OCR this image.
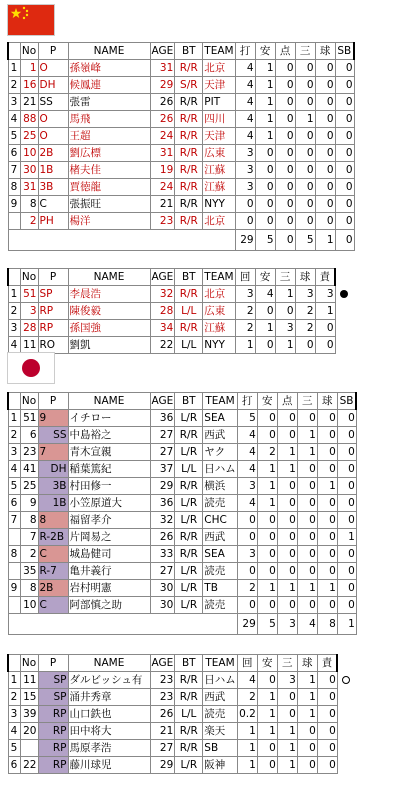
	No	P	NAME	AGE	BT	TEAM	打	安	点	三	球	SB
1	1	O	孫嶺峰	31	R/R	北京	4	1	0	0	0	0
2	16	DH	候鳳連	29	S/R	天津	4	1	0	0	0	0
3	21	SS	張雷	26	R/R	PIT	4	1	0	0	0	0
4	88	O	馬飛	26	R/R	四川	4	1	0	1	0	0
5	25	O	王超	24	R/R	天津	4	1	0	0	0	0
6	10	2B	劉広標	31	R/R	広東	3	0	0	0	0	0
7	30	1B	楮夫佳	19	R/R	江蘇	3	0	0	0	0	0
8	31	3B	賈徳龍	24	R/R	江蘇	3	0	0	0	0	0
9	8	C	張振旺	21	R/R	NYY	0	0	0	0	0	0
	2	PH	楊洋	23	R/R	北京	0	0	0	0	0	0
							29	5	0	5	1	0
	No	P	NAME	AGE	BT	TEAM	回	安	三	球	責
1	51	SP	李晨浩	32	R/R	北京	3	4	1	3	3
2	3	RP	陳俊毅	28	L/L	広東	2	0	0	2	1
3	28	RP	孫国強	34	R/R	江蘇	2	1	3	2	0
4	11	RO	劉凱	22	L/L	NYY	1	0	1	0	0
	No	P	NAME	AGE	BT	TEAM	打	安	点	三	球	SB
1	51	9	イチロー	36	L/R	SEA	5	0	0	0	0	0
2	6	SS	中島裕之	27	R/R	西武	4	0	0	1	0	0
3	23	7	青木宣親	27	L/R	ヤク	4	2	1	1	0	0
4	41	DH	稲葉篤紀	37	L/L	日ハム	4	1	1	0	0	0
5	25	3B	村田修一	29	R/R	横浜	3	1	0	0	1	0
6	9	1B	小笠原道大	36	L/R	読売	4	1	0	0	0	0
7	8	8	福留孝介	32	L/R	CHC	0	0	0	0	0	0
	7	R-2B	片岡易之	26	R/R	西武	0	0	0	0	0	1
8	2	C	城島健司	33	R/R	SEA	3	0	0	0	0	0
	35	R-7	亀井義行	27	L/R	読売	0	0	0	0	0	0
9	8	2B	岩村明憲	30	L/R	TB	2	1	1	1	1	0
	10	C	阿部慎之助	30	L/R	読売	0	0	0	0	0	0
							29	5	3	4	8	1
	No	P	NAME	AGE	BT	TEAM	回	安	三	球	責
1	11	SP	ダルビッシュ有	23	R/R	日ハム	4	0	3	1	0
2	15	SP	涌井秀章	23	R/R	西武	2	1	0	1	0
3	39	RP	山口鉄也	26	L/L	読売	0.2	1	0	1	0
4	20	RP	田中将大	21	R/R	楽天	1	1	1	0	0
5		RP	馬原孝浩	27	R/R	SB	1	0	1	0	0
6	22	RP	藤川球児	29	L/R	阪神	1	0	1	0	0
